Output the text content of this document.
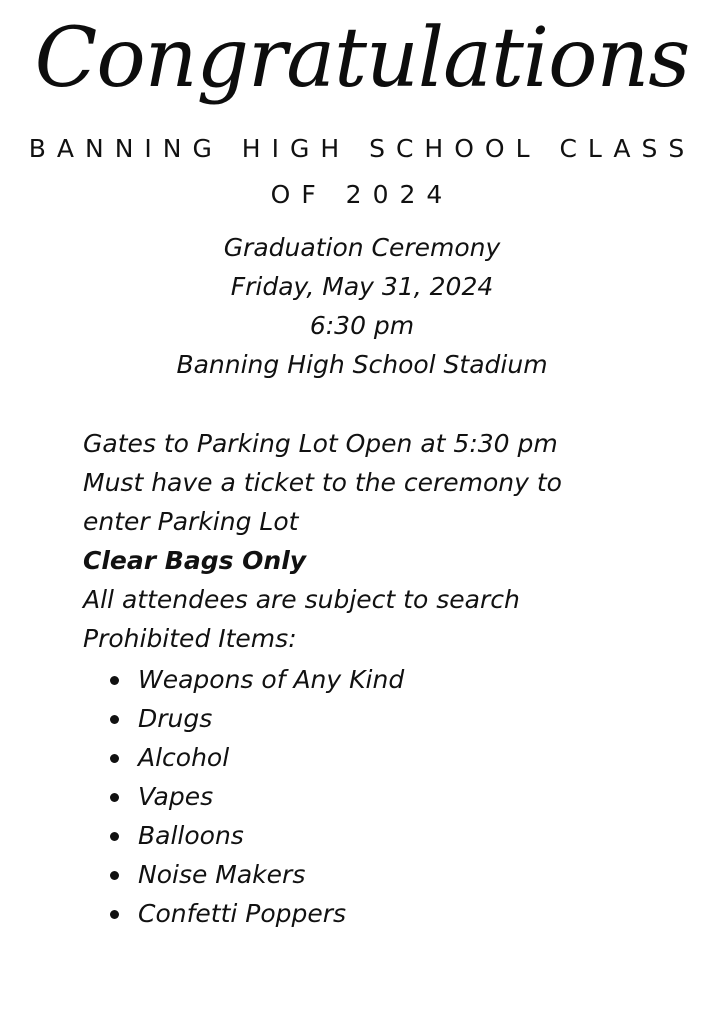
Congratulations
BANNING HIGH SCHOOL CLASS
OF 2024
Graduation Ceremony
Friday, May 31, 2024
6:30 pm
Banning High School Stadium
Gates to Parking Lot Open at 5:30 pm
Must have a ticket to the ceremony to
enter Parking Lot
Clear Bags Only
All attendees are subject to search
Prohibited Items:
Weapons of Any Kind
Drugs
Alcohol
Vapes
Balloons
Noise Makers
Confetti Poppers
